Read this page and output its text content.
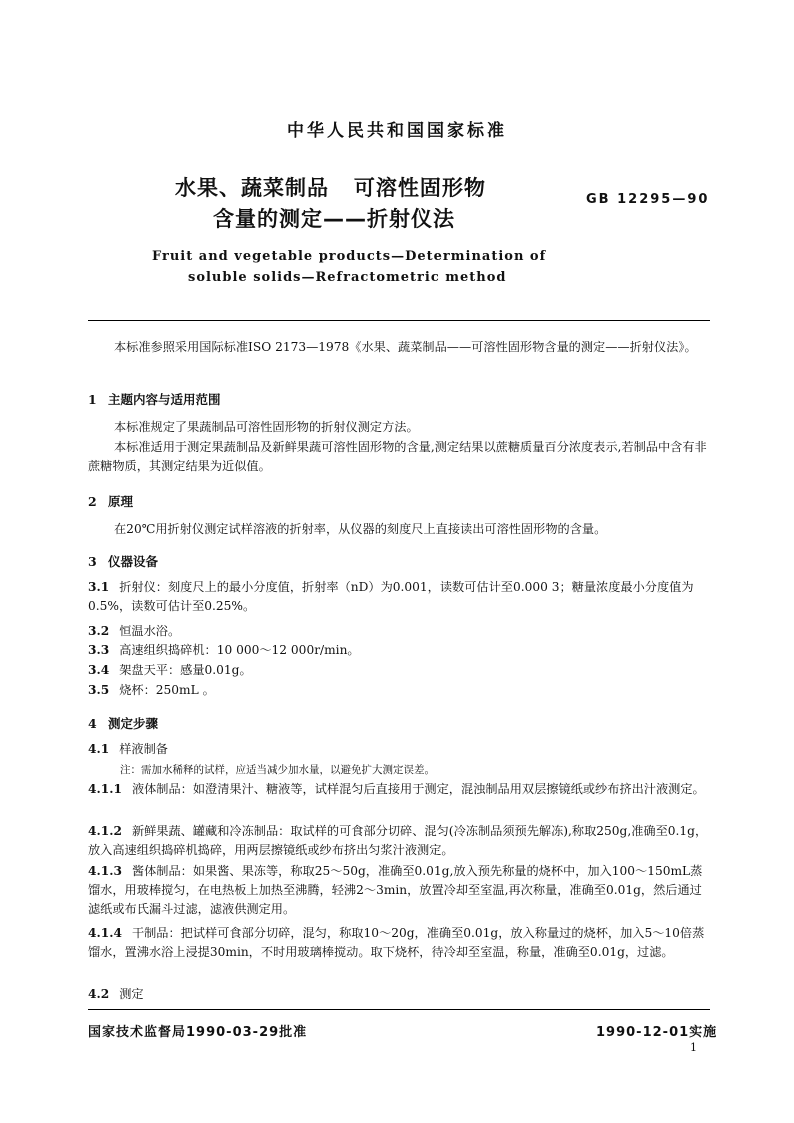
中华人民共和国国家标准
水果、蔬菜制品   可溶性固形物
含量的测定——折射仪法
GB 12295—90
Fruit and vegetable products—Determination of
soluble solids—Refractometric method
本标准参照采用国际标准ISO 2173—1978《水果、蔬菜制品——可溶性固形物含量的测定——折射仪法》。
1 主题内容与适用范围
本标准规定了果蔬制品可溶性固形物的折射仪测定方法。
本标准适用于测定果蔬制品及新鲜果蔬可溶性固形物的含量,测定结果以蔗糖质量百分浓度表示,若制品中含有非蔗糖物质，其测定结果为近似值。
2 原理
在20℃用折射仪测定试样溶液的折射率，从仪器的刻度尺上直接读出可溶性固形物的含量。
3 仪器设备
3.1 折射仪：刻度尺上的最小分度值，折射率（nD）为0.001，读数可估计至0.000 3；糖量浓度最小分度值为0.5%，读数可估计至0.25%。
3.2 恒温水浴。
3.3 高速组织捣碎机：10 000～12 000r/min。
3.4 架盘天平：感量0.01g。
3.5 烧杯：250mL 。
4 测定步骤
4.1 样液制备
注：需加水稀释的试样，应适当减少加水量，以避免扩大测定误差。
4.1.1 液体制品：如澄清果汁、糖液等，试样混匀后直接用于测定，混浊制品用双层擦镜纸或纱布挤出汁液测定。
4.1.2 新鲜果蔬、罐藏和冷冻制品：取试样的可食部分切碎、混匀(冷冻制品须预先解冻),称取250g,准确至0.1g，放入高速组织捣碎机捣碎，用两层擦镜纸或纱布挤出匀浆汁液测定。
4.1.3 酱体制品：如果酱、果冻等，称取25～50g，准确至0.01g,放入预先称量的烧杯中，加入100～150mL蒸馏水，用玻棒搅匀，在电热板上加热至沸腾，轻沸2～3min，放置冷却至室温,再次称量，准确至0.01g，然后通过滤纸或布氏漏斗过滤，滤液供测定用。
4.1.4 干制品：把试样可食部分切碎，混匀，称取10～20g，准确至0.01g，放入称量过的烧杯，加入5～10倍蒸馏水，置沸水浴上浸提30min，不时用玻璃棒搅动。取下烧杯，待冷却至室温，称量，准确至0.01g，过滤。
4.2 测定
国家技术监督局1990-03-29批准	1990-12-01实施
1
